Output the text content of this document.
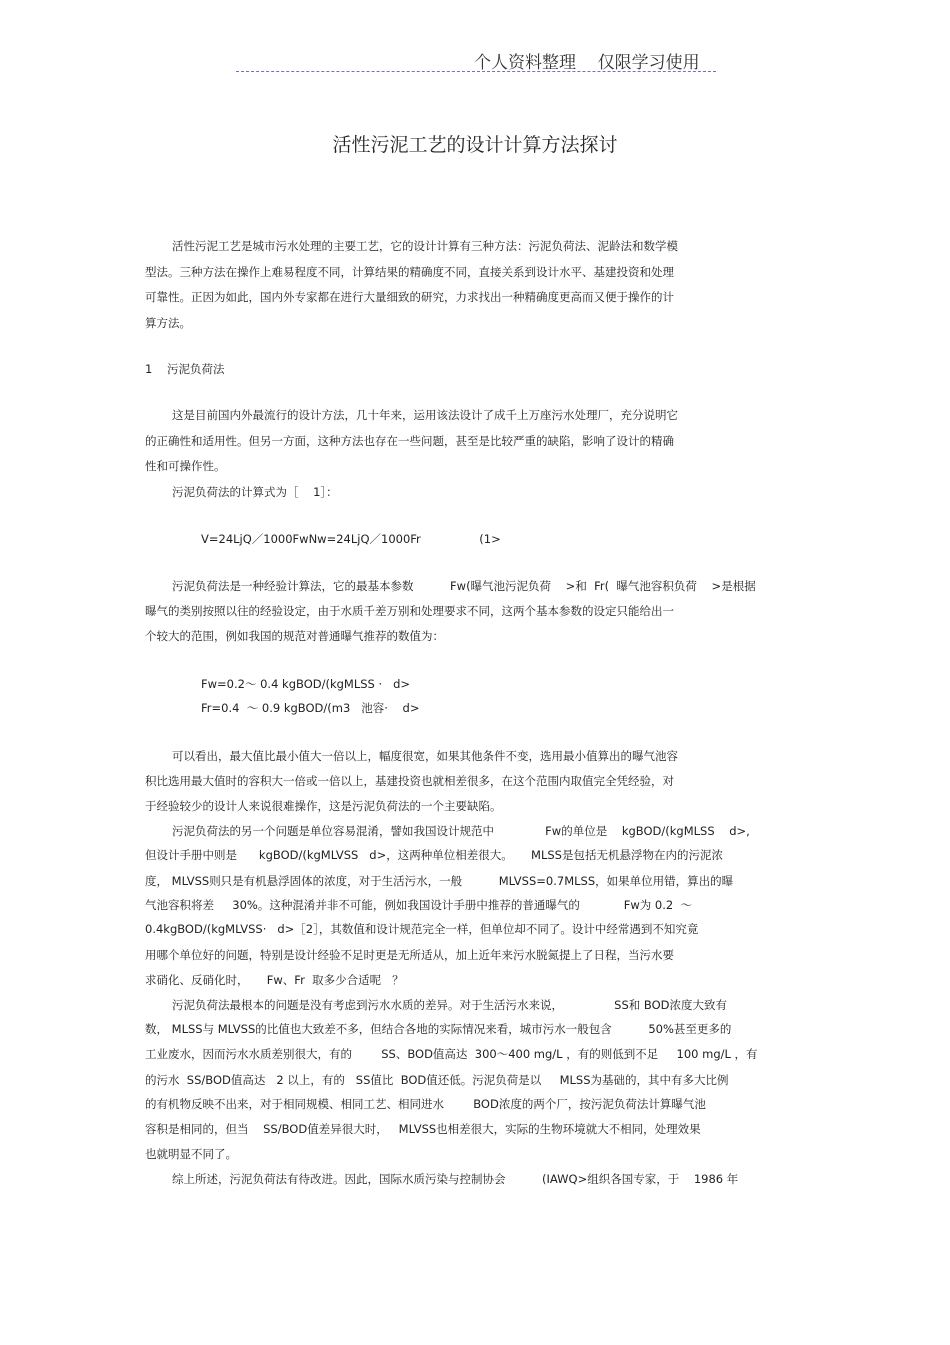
个人资料整理    仅限学习使用
活性污泥工艺的设计计算方法探讨
活性污泥工艺是城市污水处理的主要工艺，它的设计计算有三种方法：污泥负荷法、泥龄法和数学模
型法。三种方法在操作上难易程度不同，计算结果的精确度不同，直接关系到设计水平、基建投资和处理
可靠性。正因为如此，国内外专家都在进行大量细致的研究，力求找出一种精确度更高而又便于操作的计
算方法。
1    污泥负荷法
这是目前国内外最流行的设计方法，几十年来，运用该法设计了成千上万座污水处理厂，充分说明它
的正确性和适用性。但另一方面，这种方法也存在一些问题，甚至是比较严重的缺陷，影响了设计的精确
性和可操作性。
污泥负荷法的计算式为［    1］：
V=24LjQ／1000FwNw=24LjQ／1000Fr                (1>
污泥负荷法是一种经验计算法，它的最基本参数          Fw(曝气池污泥负荷    >和  Fr(  曝气池容积负荷    >是根据
曝气的类别按照以往的经验设定，由于水质千差万别和处理要求不同，这两个基本参数的设定只能给出一
个较大的范围，例如我国的规范对普通曝气推荐的数值为：
Fw=0.2～ 0.4 kgBOD/(kgMLSS ·   d>
Fr=0.4  ～ 0.9 kgBOD/(m3   池容·    d>
可以看出，最大值比最小值大一倍以上，幅度很宽，如果其他条件不变，选用最小值算出的曝气池容
积比选用最大值时的容积大一倍或一倍以上，基建投资也就相差很多，在这个范围内取值完全凭经验，对
于经验较少的设计人来说很难操作，这是污泥负荷法的一个主要缺陷。
污泥负荷法的另一个问题是单位容易混淆，譬如我国设计规范中              Fw的单位是    kgBOD/(kgMLSS    d>,
但设计手册中则是      kgBOD/(kgMLVSS   d>，这两种单位相差很大。     MLSS是包括无机悬浮物在内的污泥浓
度， MLVSS则只是有机悬浮固体的浓度，对于生活污水，一般          MLVSS=0.7MLSS，如果单位用错，算出的曝
气池容积将差     30%。这种混淆并非不可能，例如我国设计手册中推荐的普通曝气的            Fw为 0.2  ～
0.4kgBOD/(kgMLVSS·   d>［2］，其数值和设计规范完全一样，但单位却不同了。设计中经常遇到不知究竟
用哪个单位好的问题，特别是设计经验不足时更是无所适从，加上近年来污水脱氮提上了日程，当污水要
求硝化、反硝化时，     Fw、Fr  取多少合适呢   ？
污泥负荷法最根本的问题是没有考虑到污水水质的差异。对于生活污水来说，              SS和 BOD浓度大致有
数， MLSS与 MLVSS的比值也大致差不多，但结合各地的实际情况来看，城市污水一般包含          50%甚至更多的
工业废水，因而污水水质差别很大，有的        SS、BOD值高达  300～400 mg/L ，有的则低到不足     100 mg/L ，有
的污水  SS/BOD值高达   2 以上，有的   SS值比  BOD值还低。污泥负荷是以     MLSS为基础的，其中有多大比例
的有机物反映不出来，对于相同规模、相同工艺、相同进水        BOD浓度的两个厂，按污泥负荷法计算曝气池
容积是相同的，但当    SS/BOD值差异很大时，   MLVSS也相差很大，实际的生物环境就大不相同，处理效果
也就明显不同了。
综上所述，污泥负荷法有待改进。因此，国际水质污染与控制协会          (IAWQ>组织各国专家，于    1986 年
